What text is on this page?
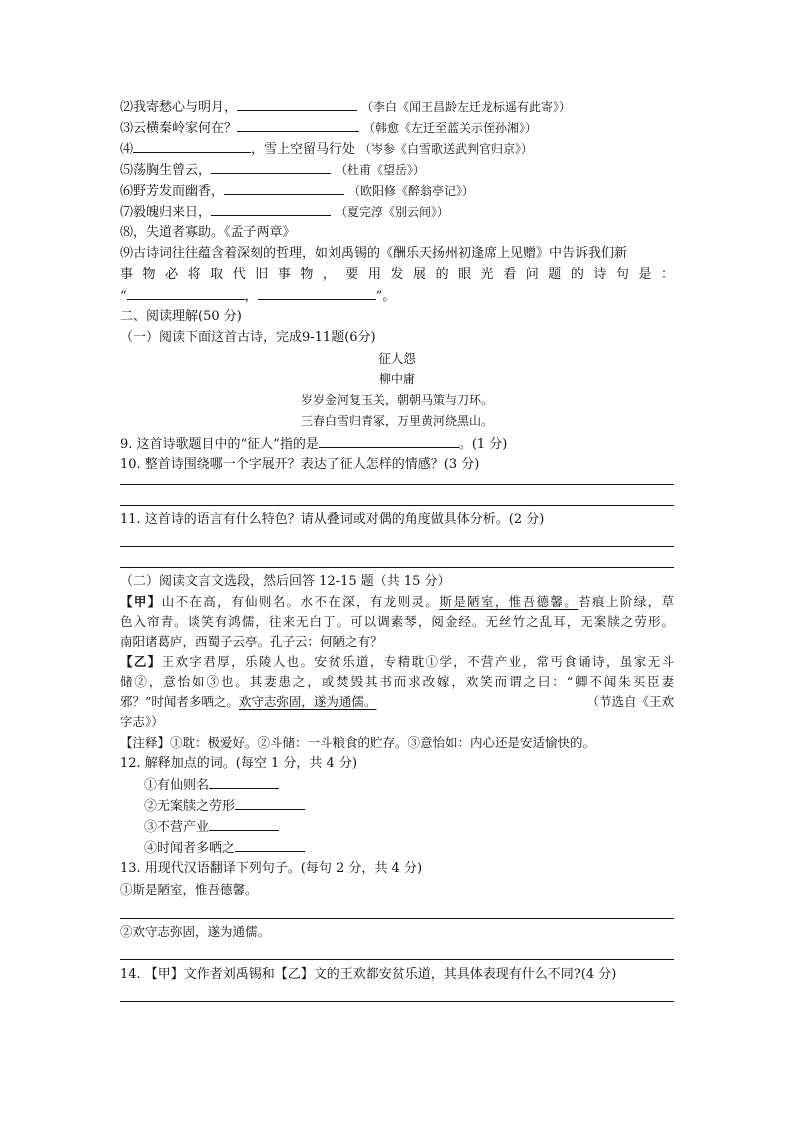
⑵我寄愁心与明月，	（李白《闻王昌龄左迁龙标遥有此寄》）
⑶云横秦岭家何在？	（韩愈《左迁至蓝关示侄孙湘》）
⑷	，雪上空留马行处 （岑参《白雪歌送武判官归京》）
⑸荡胸生曾云，	（杜甫《望岳》）
⑹野芳发而幽香，	（欧阳修《醉翁亭记》）
⑺毅魄归来日，	（夏完淳《别云间》）
⑻，失道者寡助。《孟子两章》
⑼古诗词往往蕴含着深刻的哲理，如刘禹锡的《酬乐天扬州初逢席上见赠》中告诉我们新
事物必将取代旧事物，要用发展的眼光看问题的诗句是：
“	，	”。
二、阅读理解(50 分)
（一）阅读下面这首古诗，完成9-11题(6分)
征人怨
柳中庸
岁岁金河复玉关，朝朝马策与刀环。
三春白雪归青冢，万里黄河绕黑山。
9. 这首诗歌题目中的“征人”指的是	。(1 分)
10. 整首诗围绕哪一个字展开？表达了征人怎样的情感？(3 分)
11. 这首诗的语言有什么特色？请从叠词或对偶的角度做具体分析。(2 分)
（二）阅读文言文选段，然后回答 12-15 题（共 15 分）
【甲】山不在高，有仙则名。水不在深，有龙则灵。斯是陋室，惟吾德馨。苔痕上阶绿，草
色入帘青。谈笑有鸿儒，往来无白丁。可以调素琴，阅金经。无丝竹之乱耳，无案牍之劳形。
南阳诸葛庐，西蜀子云亭。孔子云：何陋之有？
【乙】王欢字君厚，乐陵人也。安贫乐道，专精耽①学，不营产业，常丐食诵诗，虽家无斗
储②，意怡如③也。其妻患之，或焚毁其书而求改嫁，欢笑而谓之曰：“卿不闻朱买臣妻
邪？”时闻者多哂之。欢守志弥固，遂为通儒。	（节选自《王欢
字志》）
【注释】①耽：极爱好。②斗储：一斗粮食的贮存。③意怡如：内心还是安适愉快的。
12. 解释加点的词。(每空 1 分，共 4 分)
①有仙则名
②无案牍之劳形
③不营产业
④时闻者多哂之
13. 用现代汉语翻译下列句子。(每句 2 分，共 4 分)
①斯是陋室，惟吾德馨。
②欢守志弥固，遂为通儒。
14. 【甲】文作者刘禹锡和【乙】文的王欢都安贫乐道，其具体表现有什么不同?(4 分)
